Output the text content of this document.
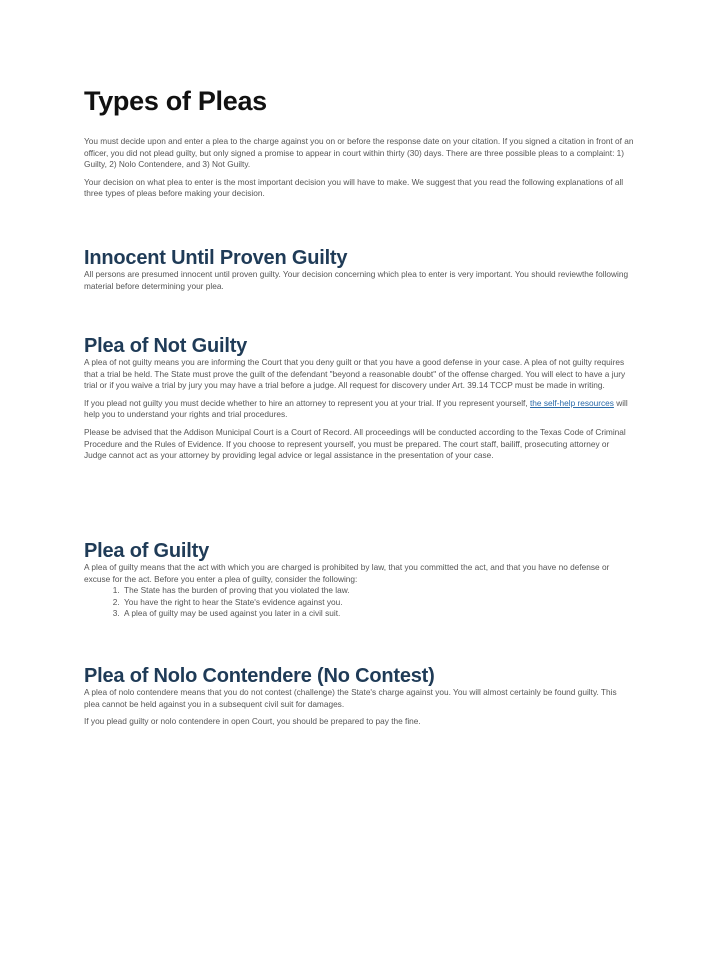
Types of Pleas

You must decide upon and enter a plea to the charge against you on or before the response date on your citation. If you signed a citation in front of an officer, you did not plead guilty, but only signed a promise to appear in court within thirty (30) days. There are three possible pleas to a complaint: 1) Guilty, 2) Nolo Contendere, and 3) Not Guilty.

Your decision on what plea to enter is the most important decision you will have to make. We suggest that you read the following explanations of all three types of pleas before making your decision.

Innocent Until Proven Guilty

All persons are presumed innocent until proven guilty. Your decision concerning which plea to enter is very important. You should reviewthe following material before determining your plea.

Plea of Not Guilty

A plea of not guilty means you are informing the Court that you deny guilt or that you have a good defense in your case. A plea of not guilty requires that a trial be held. The State must prove the guilt of the defendant "beyond a reasonable doubt" of the offense charged. You will elect to have a jury trial or if you waive a trial by jury you may have a trial before a judge. All request for discovery under Art. 39.14 TCCP must be made in writing.

If you plead not guilty you must decide whether to hire an attorney to represent you at your trial. If you represent yourself, the self-help resources will help you to understand your rights and trial procedures.

Please be advised that the Addison Municipal Court is a Court of Record. All proceedings will be conducted according to the Texas Code of Criminal Procedure and the Rules of Evidence. If you choose to represent yourself, you must be prepared. The court staff, bailiff, prosecuting attorney or Judge cannot act as your attorney by providing legal advice or legal assistance in the presentation of your case.

Plea of Guilty

A plea of guilty means that the act with which you are charged is prohibited by law, that you committed the act, and that you have no defense or excuse for the act. Before you enter a plea of guilty, consider the following:

1. The State has the burden of proving that you violated the law.
2. You have the right to hear the State's evidence against you.
3. A plea of guilty may be used against you later in a civil suit.
Plea of Nolo Contendere (No Contest)

A plea of nolo contendere means that you do not contest (challenge) the State's charge against you. You will almost certainly be found guilty. This plea cannot be held against you in a subsequent civil suit for damages.

If you plead guilty or nolo contendere in open Court, you should be prepared to pay the fine.
